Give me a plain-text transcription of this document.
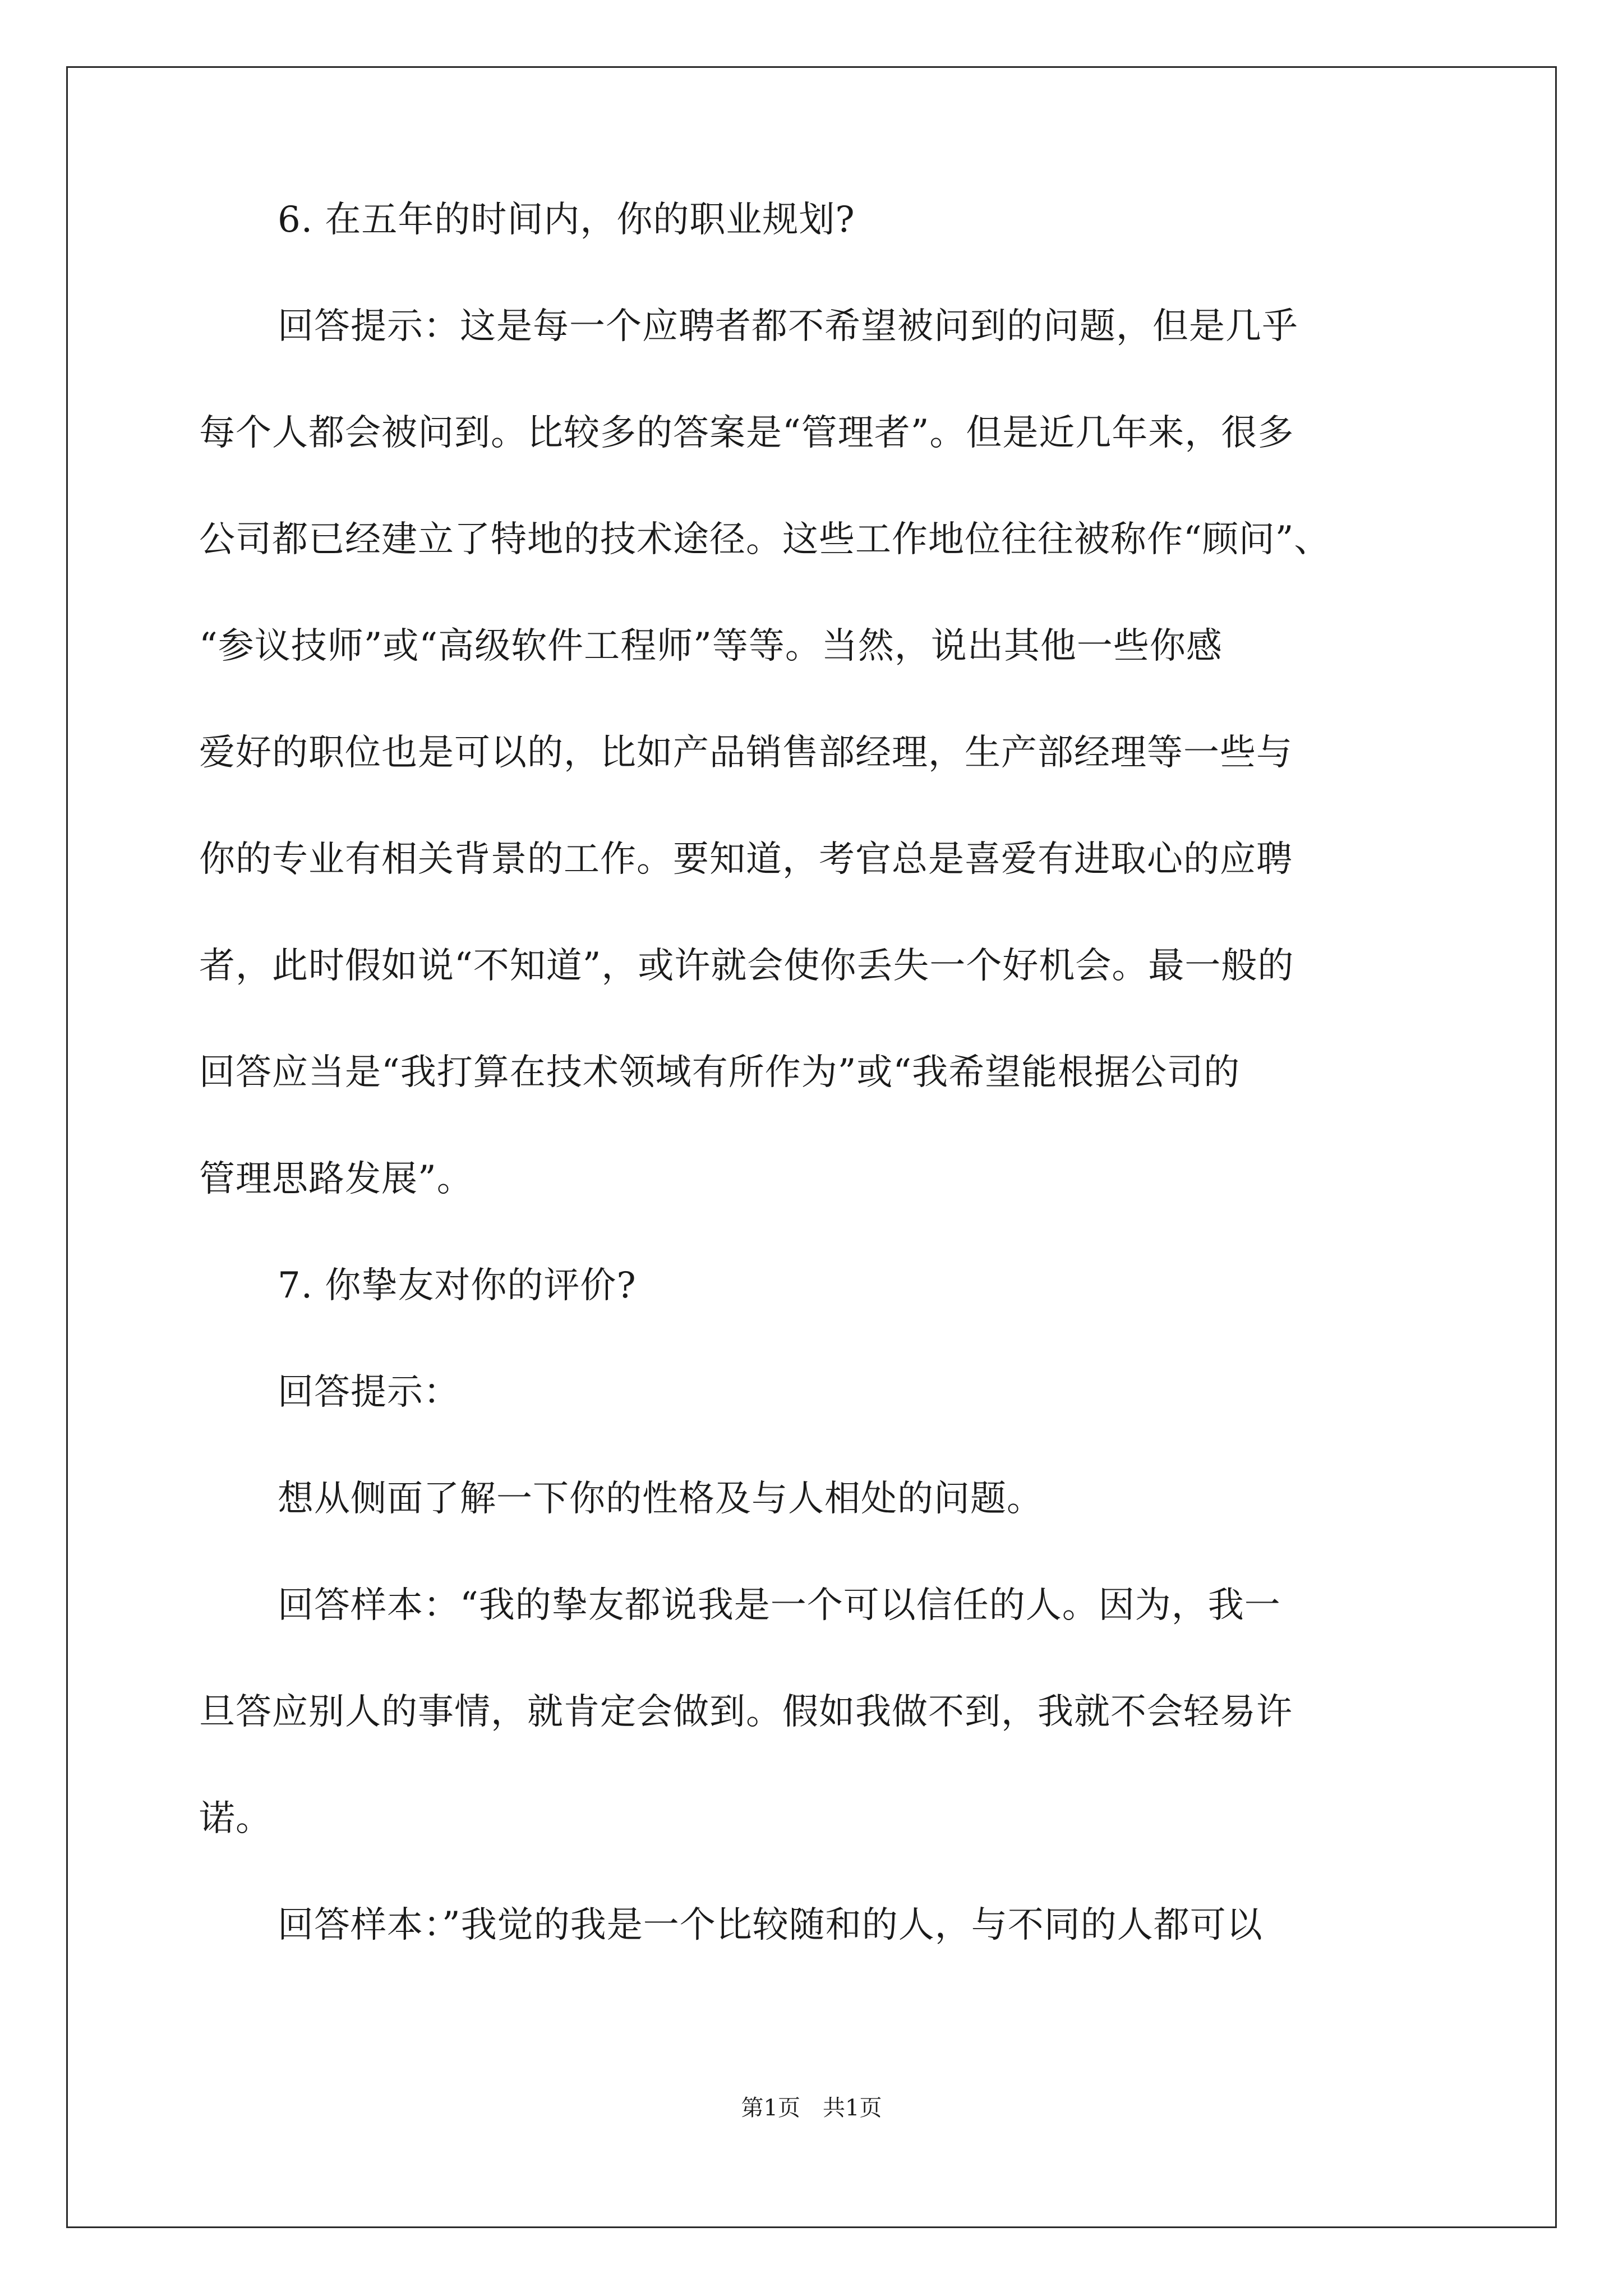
6. 在五年的时间内，你的职业规划?
回答提示：这是每一个应聘者都不希望被问到的问题，但是几乎
每个人都会被问到。比较多的答案是“管理者”。但是近几年来，很多
公司都已经建立了特地的技术途径。这些工作地位往往被称作“顾问”、
“参议技师”或“高级软件工程师”等等。当然，说出其他一些你感
爱好的职位也是可以的，比如产品销售部经理，生产部经理等一些与
你的专业有相关背景的工作。要知道，考官总是喜爱有进取心的应聘
者，此时假如说“不知道”，或许就会使你丢失一个好机会。最一般的
回答应当是“我打算在技术领域有所作为”或“我希望能根据公司的
管理思路发展”。
7. 你挚友对你的评价?
回答提示：
想从侧面了解一下你的性格及与人相处的问题。
回答样本：“我的挚友都说我是一个可以信任的人。因为，我一
旦答应别人的事情，就肯定会做到。假如我做不到，我就不会轻易许
诺。
回答样本：”我觉的我是一个比较随和的人，与不同的人都可以
第1页　共1页
